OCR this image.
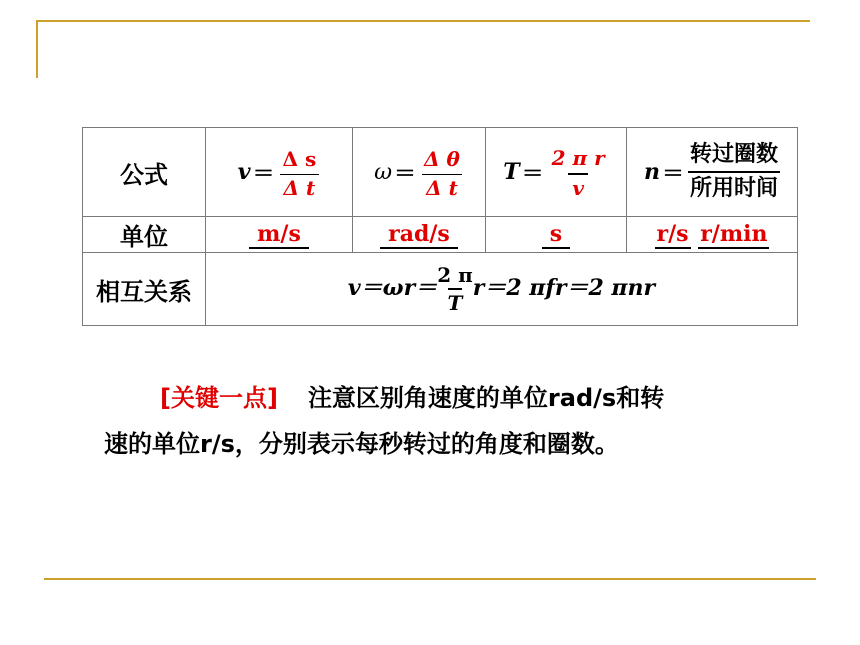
公式	$v = \frac{\text{Δ s}}{\text{Δ t}}$	$\omega = \frac{\text{Δ θ}}{\text{Δ t}}$	$T = \frac{\text{2 π r}}{v}$	$n = \frac{\text{转过圈数}}{\text{所用时间}}$

单位	m/s	rad/s	s	r/s r/min
相互关系	$v=\omega r= \frac{2 \pi}{T} r=2$ πfr＝2 πnr			
[关键一点] 注意区别角速度的单位rad/s和转
速的单位r/s，分别表示每秒转过的角度和圈数。
